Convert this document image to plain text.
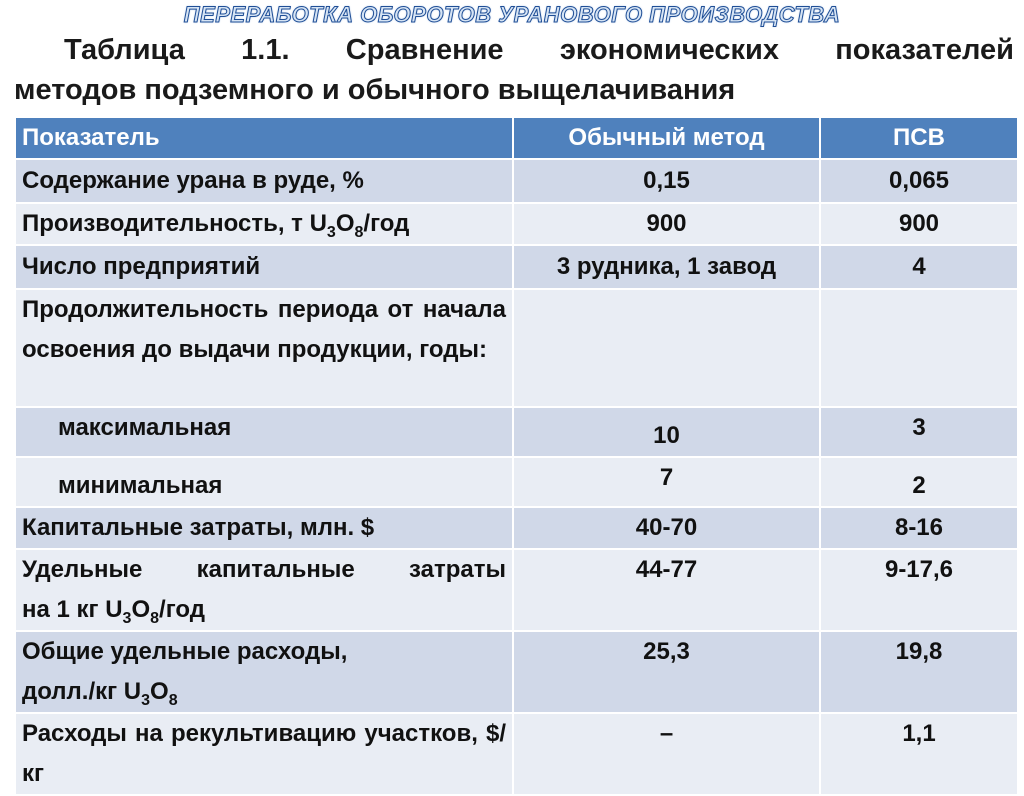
ПЕРЕРАБОТКА ОБОРОТОВ УРАНОВОГО ПРОИЗВОДСТВА
Таблица 1.1. Сравнение экономических показателей
методов подземного и обычного выщелачивания
Показатель	Обычный метод	ПСВ
Содержание урана в руде, %	0,15	0,065
Производительность, т $U_3O_8$/год	900	900
Число предприятий	3 рудника, 1 завод	4
Продолжительность периода от начала освоения до выдачи продукции, годы:		
максимальная	10	3
минимальная	7	2
Капитальные затраты, млн. $	40-70	8-16

Удельные капитальные затраты
на 1 кг $U_3O_8$/год	44-77	9-17,6

Общие удельные расходы,
долл./кг $U_3O_8$	25,3	19,8
Расходы на рекультивацию участков, $/кг	–	1,1
